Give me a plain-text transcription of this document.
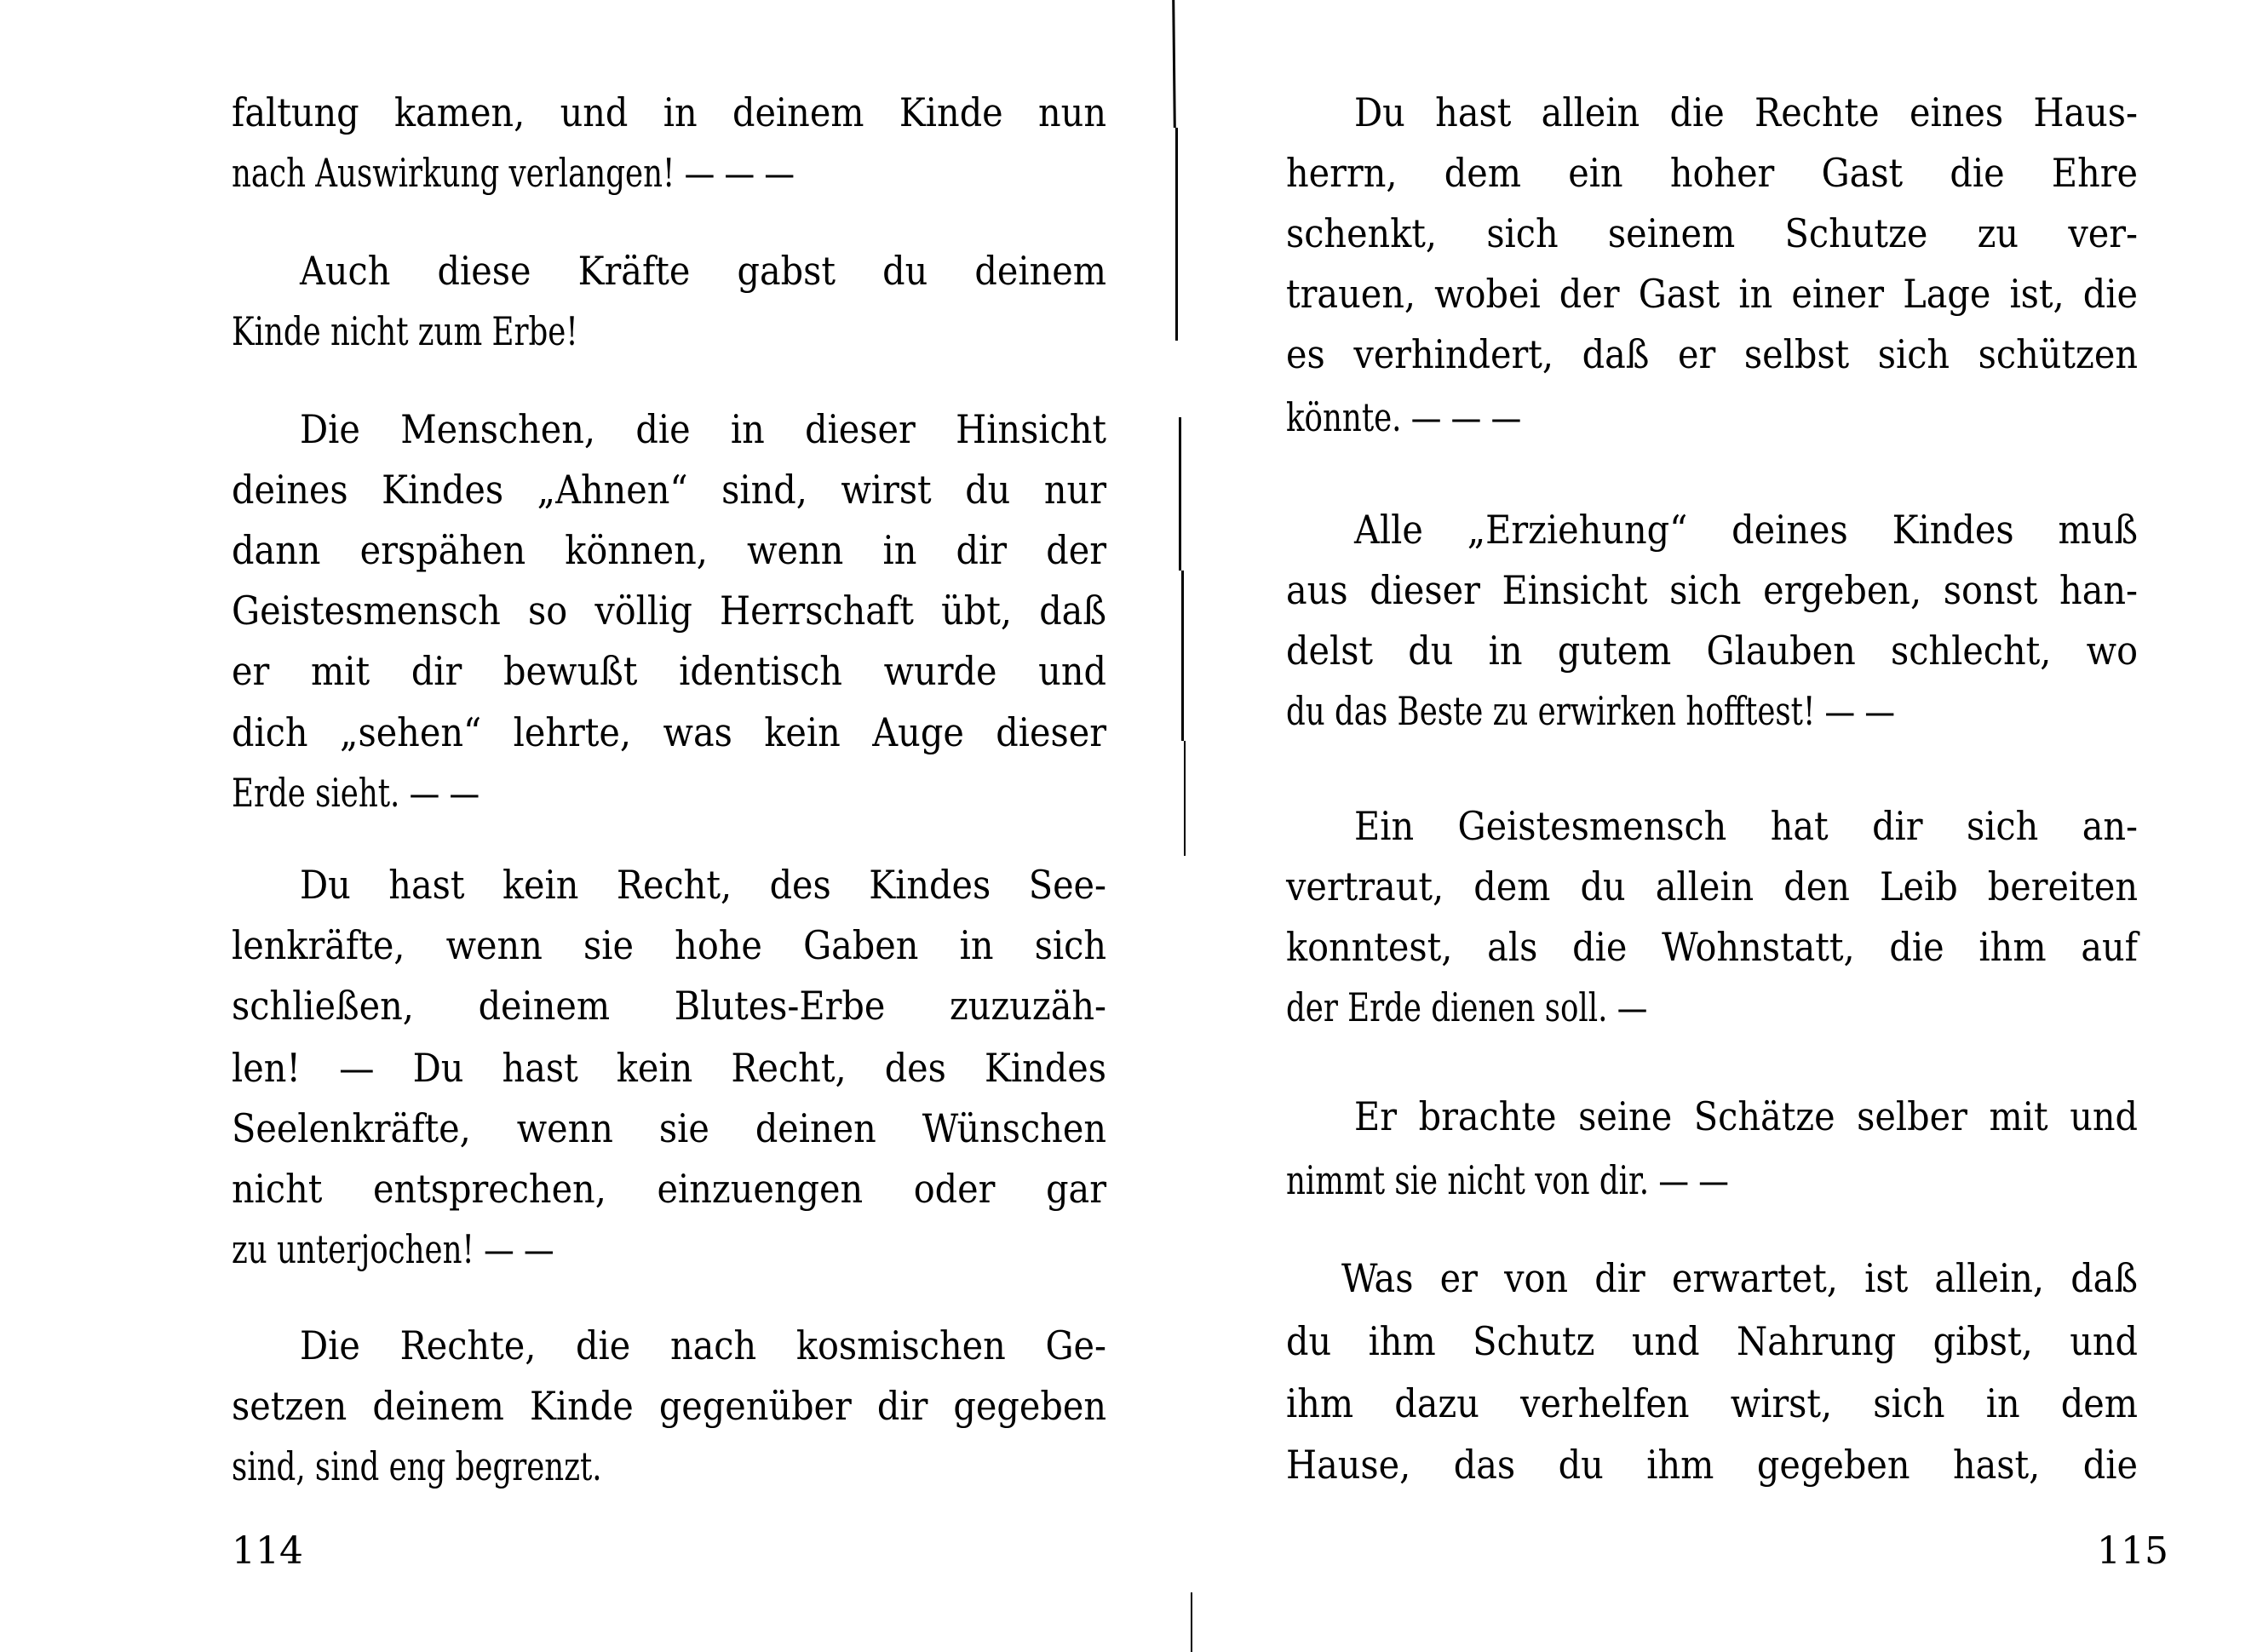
faltung kamen, und in deinem Kinde nun
nach Auswirkung verlangen! — — —
Auch diese Kräfte gabst du deinem
Kinde nicht zum Erbe!
Die Menschen, die in dieser Hinsicht
deines Kindes „Ahnen“ sind, wirst du nur
dann erspähen können, wenn in dir der
Geistesmensch so völlig Herrschaft übt, daß
er mit dir bewußt identisch wurde und
dich „sehen“ lehrte, was kein Auge dieser
Erde sieht. — —
Du hast kein Recht, des Kindes See-
lenkräfte, wenn sie hohe Gaben in sich
schließen, deinem Blutes-Erbe zuzuzäh-
len! — Du hast kein Recht, des Kindes
Seelenkräfte, wenn sie deinen Wünschen
nicht entsprechen, einzuengen oder gar
zu unterjochen! — —
Die Rechte, die nach kosmischen Ge-
setzen deinem Kinde gegenüber dir gegeben
sind, sind eng begrenzt.
114
Du hast allein die Rechte eines Haus-
herrn, dem ein hoher Gast die Ehre
schenkt, sich seinem Schutze zu ver-
trauen, wobei der Gast in einer Lage ist, die
es verhindert, daß er selbst sich schützen
könnte. — — —
Alle „Erziehung“ deines Kindes muß
aus dieser Einsicht sich ergeben, sonst han-
delst du in gutem Glauben schlecht, wo
du das Beste zu erwirken hofftest! — —
Ein Geistesmensch hat dir sich an-
vertraut, dem du allein den Leib bereiten
konntest, als die Wohnstatt, die ihm auf
der Erde dienen soll. —
Er brachte seine Schätze selber mit und
nimmt sie nicht von dir. — —
Was er von dir erwartet, ist allein, daß
du ihm Schutz und Nahrung gibst, und
ihm dazu verhelfen wirst, sich in dem
Hause, das du ihm gegeben hast, die
115
